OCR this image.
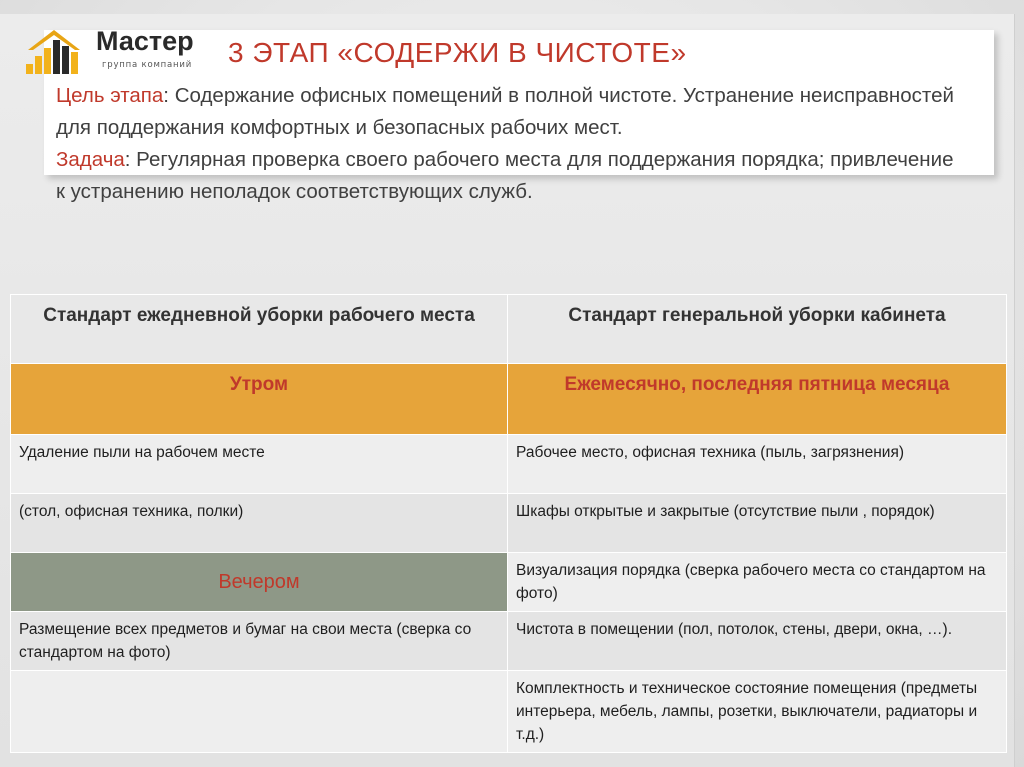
Мастер
группа компаний 3 ЭТАП «СОДЕРЖИ В ЧИСТОТЕ»

Цель этапа: Содержание офисных помещений в полной чистоте. Устранение неисправностей для поддержания комфортных и безопасных рабочих мест.

Задача: Регулярная проверка своего рабочего места для поддержания порядка; привлечение к устранению неполадок соответствующих служб.

Стандарт ежедневной уборки рабочего места	Стандарт генеральной уборки кабинета
Утром	Ежемесячно, последняя пятница месяца
Удаление пыли на рабочем месте	Рабочее место, офисная техника (пыль, загрязнения)
(стол, офисная техника, полки)	Шкафы открытые и закрытые (отсутствие пыли , порядок)
Вечером	Визуализация порядка (сверка рабочего места со стандартом на фото)
Размещение всех предметов и бумаг на свои места (сверка со стандартом на фото)	Чистота в помещении (пол, потолок, стены, двери, окна, …).
	Комплектность и техническое состояние помещения (предметы интерьера, мебель, лампы, розетки, выключатели, радиаторы и т.д.)
